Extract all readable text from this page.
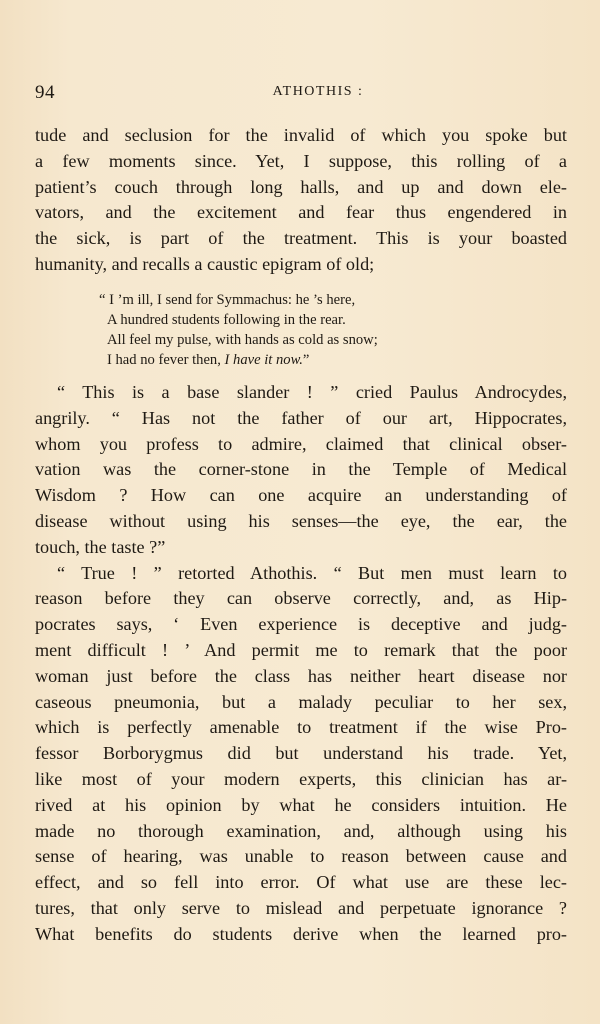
94	ATHOTHIS :
tude and seclusion for the invalid of which you spoke but
a few moments since. Yet, I suppose, this rolling of a
patient’s couch through long halls, and up and down ele-
vators, and the excitement and fear thus engendered in
the sick, is part of the treatment. This is your boasted
humanity, and recalls a caustic epigram of old;
“ I ’m ill, I send for Symmachus: he ’s here,
A hundred students following in the rear.
All feel my pulse, with hands as cold as snow;
I had no fever then, I have it now.”
“ This is a base slander ! ” cried Paulus Androcydes,
angrily. “ Has not the father of our art, Hippocrates,
whom you profess to admire, claimed that clinical obser-
vation was the corner-stone in the Temple of Medical
Wisdom ? How can one acquire an understanding of
disease without using his senses—the eye, the ear, the
touch, the taste ?”
“ True ! ” retorted Athothis. “ But men must learn to
reason before they can observe correctly, and, as Hip-
pocrates says, ‘ Even experience is deceptive and judg-
ment difficult ! ’ And permit me to remark that the poor
woman just before the class has neither heart disease nor
caseous pneumonia, but a malady peculiar to her sex,
which is perfectly amenable to treatment if the wise Pro-
fessor Borborygmus did but understand his trade. Yet,
like most of your modern experts, this clinician has ar-
rived at his opinion by what he considers intuition. He
made no thorough examination, and, although using his
sense of hearing, was unable to reason between cause and
effect, and so fell into error. Of what use are these lec-
tures, that only serve to mislead and perpetuate ignorance ?
What benefits do students derive when the learned pro-
